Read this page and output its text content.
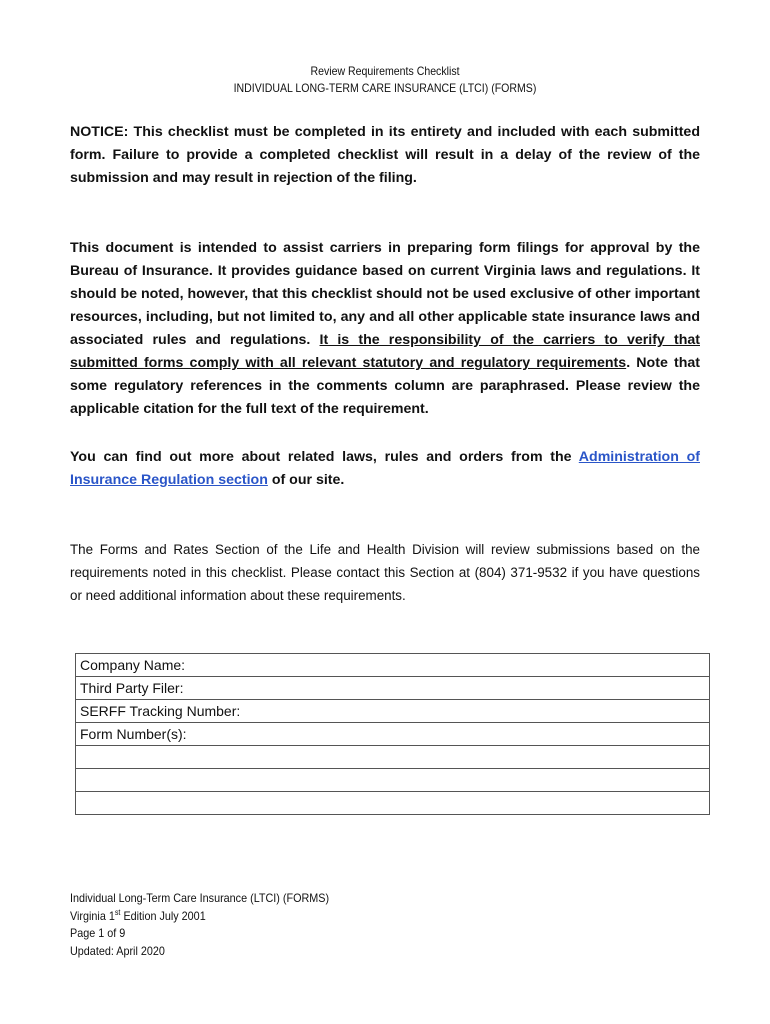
Review Requirements Checklist
INDIVIDUAL LONG-TERM CARE INSURANCE (LTCI) (FORMS)
NOTICE: This checklist must be completed in its entirety and included with each submitted form. Failure to provide a completed checklist will result in a delay of the review of the submission and may result in rejection of the filing.
This document is intended to assist carriers in preparing form filings for approval by the Bureau of Insurance. It provides guidance based on current Virginia laws and regulations. It should be noted, however, that this checklist should not be used exclusive of other important resources, including, but not limited to, any and all other applicable state insurance laws and associated rules and regulations. It is the responsibility of the carriers to verify that submitted forms comply with all relevant statutory and regulatory requirements. Note that some regulatory references in the comments column are paraphrased. Please review the applicable citation for the full text of the requirement.
You can find out more about related laws, rules and orders from the Administration of Insurance Regulation section of our site.
The Forms and Rates Section of the Life and Health Division will review submissions based on the requirements noted in this checklist. Please contact this Section at (804) 371-9532 if you have questions or need additional information about these requirements.
Company Name:
Third Party Filer:
SERFF Tracking Number:
Form Number(s):

Individual Long-Term Care Insurance (LTCI) (FORMS)
Virginia 1st Edition July 2001
Page 1 of 9
Updated: April 2020
